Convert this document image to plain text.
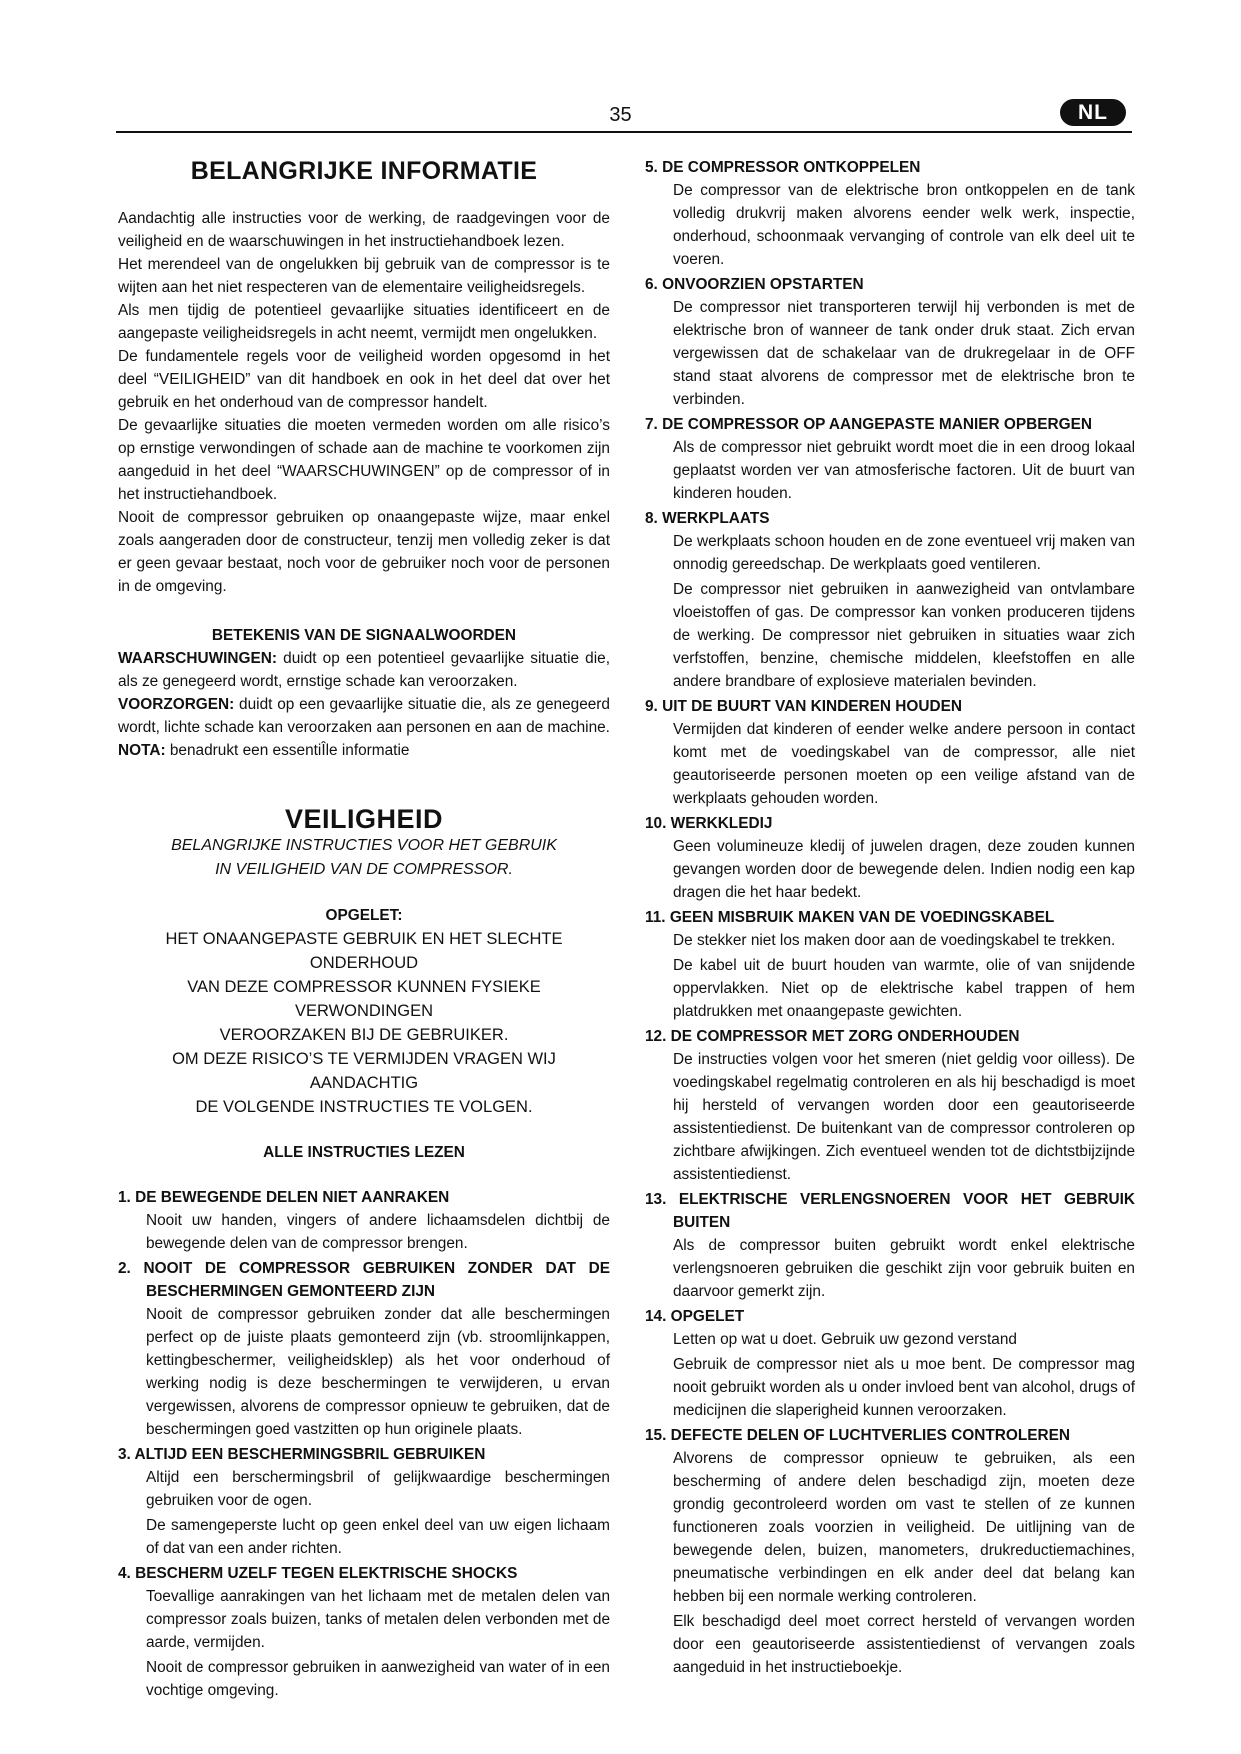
35	NL
BELANGRIJKE INFORMATIE

Aandachtig alle instructies voor de werking, de raadgevingen voor de veiligheid en de waarschuwingen in het instructiehandboek lezen.

Het merendeel van de ongelukken bij gebruik van de compressor is te wijten aan het niet respecteren van de elementaire veiligheidsregels.

Als men tijdig de potentieel gevaarlijke situaties identificeert en de aangepaste veiligheidsregels in acht neemt, vermijdt men ongelukken.

De fundamentele regels voor de veiligheid worden opgesomd in het deel “VEILIGHEID” van dit handboek en ook in het deel dat over het gebruik en het onderhoud van de compressor handelt.

De gevaarlijke situaties die moeten vermeden worden om alle risico’s op ernstige verwondingen of schade aan de machine te voorkomen zijn aangeduid in het deel “WAARSCHUWINGEN” op de compressor of in het instructiehandboek.

Nooit de compressor gebruiken op onaangepaste wijze, maar enkel zoals aangeraden door de constructeur, tenzij men volledig zeker is dat er geen gevaar bestaat, noch voor de gebruiker noch voor de personen in de omgeving.

BETEKENIS VAN DE SIGNAALWOORDEN

WAARSCHUWINGEN: duidt op een potentieel gevaarlijke situatie die, als ze genegeerd wordt, ernstige schade kan veroorzaken.

VOORZORGEN: duidt op een gevaarlijke situatie die, als ze genegeerd wordt, lichte schade kan veroorzaken aan personen en aan de machine.

NOTA: benadrukt een essentiÎle informatie

VEILIGHEID

BELANGRIJKE INSTRUCTIES VOOR HET GEBRUIK

IN VEILIGHEID VAN DE COMPRESSOR.

OPGELET:

HET ONAANGEPASTE GEBRUIK EN HET SLECHTE ONDERHOUD

VAN DEZE COMPRESSOR KUNNEN FYSIEKE VERWONDINGEN

VEROORZAKEN BIJ DE GEBRUIKER.

OM DEZE RISICO’S TE VERMIJDEN VRAGEN WIJ AANDACHTIG

DE VOLGENDE INSTRUCTIES TE VOLGEN.

ALLE INSTRUCTIES LEZEN

1. DE BEWEGENDE DELEN NIET AANRAKEN

Nooit uw handen, vingers of andere lichaamsdelen dichtbij de bewegende delen van de compressor brengen.

2. NOOIT DE COMPRESSOR GEBRUIKEN ZONDER DAT DE BESCHERMINGEN GEMONTEERD ZIJN

Nooit de compressor gebruiken zonder dat alle beschermingen perfect op de juiste plaats gemonteerd zijn (vb. stroomlijnkappen, kettingbeschermer, veiligheidsklep) als het voor onderhoud of werking nodig is deze beschermingen te verwijderen, u ervan vergewissen, alvorens de compressor opnieuw te gebruiken, dat de beschermingen goed vastzitten op hun originele plaats.

3. ALTIJD EEN BESCHERMINGSBRIL GEBRUIKEN

Altijd een berschermingsbril of gelijkwaardige beschermingen gebruiken voor de ogen.

De samengeperste lucht op geen enkel deel van uw eigen lichaam of dat van een ander richten.

4. BESCHERM UZELF TEGEN ELEKTRISCHE SHOCKS

Toevallige aanrakingen van het lichaam met de metalen delen van compressor zoals buizen, tanks of metalen delen verbonden met de aarde, vermijden.

Nooit de compressor gebruiken in aanwezigheid van water of in een vochtige omgeving.

5. DE COMPRESSOR ONTKOPPELEN

De compressor van de elektrische bron ontkoppelen en de tank volledig drukvrij maken alvorens eender welk werk, inspectie, onderhoud, schoonmaak vervanging of controle van elk deel uit te voeren.

6. ONVOORZIEN OPSTARTEN

De compressor niet transporteren terwijl hij verbonden is met de elektrische bron of wanneer de tank onder druk staat. Zich ervan vergewissen dat de schakelaar van de drukregelaar in de OFF stand staat alvorens de compressor met de elektrische bron te verbinden.

7. DE COMPRESSOR OP AANGEPASTE MANIER OPBERGEN

Als de compressor niet gebruikt wordt moet die in een droog lokaal geplaatst worden ver van atmosferische factoren. Uit de buurt van kinderen houden.

8. WERKPLAATS

De werkplaats schoon houden en de zone eventueel vrij maken van onnodig gereedschap. De werkplaats goed ventileren.

De compressor niet gebruiken in aanwezigheid van ontvlambare vloeistoffen of gas. De compressor kan vonken produceren tijdens de werking. De compressor niet gebruiken in situaties waar zich verfstoffen, benzine, chemische middelen, kleefstoffen en alle andere brandbare of explosieve materialen bevinden.

9. UIT DE BUURT VAN KINDEREN HOUDEN

Vermijden dat kinderen of eender welke andere persoon in contact komt met de voedingskabel van de compressor, alle niet geautoriseerde personen moeten op een veilige afstand van de werkplaats gehouden worden.

10. WERKKLEDIJ

Geen volumineuze kledij of juwelen dragen, deze zouden kunnen gevangen worden door de bewegende delen. Indien nodig een kap dragen die het haar bedekt.

11. GEEN MISBRUIK MAKEN VAN DE VOEDINGSKABEL

De stekker niet los maken door aan de voedingskabel te trekken.

De kabel uit de buurt houden van warmte, olie of van snijdende oppervlakken. Niet op de elektrische kabel trappen of hem platdrukken met onaangepaste gewichten.

12. DE COMPRESSOR MET ZORG ONDERHOUDEN

De instructies volgen voor het smeren (niet geldig voor oilless). De voedingskabel regelmatig controleren en als hij beschadigd is moet hij hersteld of vervangen worden door een geautoriseerde assistentiedienst. De buitenkant van de compressor controleren op zichtbare afwijkingen. Zich eventueel wenden tot de dichtstbijzijnde assistentiedienst.

13. ELEKTRISCHE VERLENGSNOEREN VOOR HET GEBRUIK BUITEN

Als de compressor buiten gebruikt wordt enkel elektrische verlengsnoeren gebruiken die geschikt zijn voor gebruik buiten en daarvoor gemerkt zijn.

14. OPGELET

Letten op wat u doet. Gebruik uw gezond verstand

Gebruik de compressor niet als u moe bent. De compressor mag nooit gebruikt worden als u onder invloed bent van alcohol, drugs of medicijnen die slaperigheid kunnen veroorzaken.

15. DEFECTE DELEN OF LUCHTVERLIES CONTROLEREN

Alvorens de compressor opnieuw te gebruiken, als een bescherming of andere delen beschadigd zijn, moeten deze grondig gecontroleerd worden om vast te stellen of ze kunnen functioneren zoals voorzien in veiligheid. De uitlijning van de bewegende delen, buizen, manometers, drukreductiemachines, pneumatische verbindingen en elk ander deel dat belang kan hebben bij een normale werking controleren.

Elk beschadigd deel moet correct hersteld of vervangen worden door een geautoriseerde assistentiedienst of vervangen zoals aangeduid in het instructieboekje.
